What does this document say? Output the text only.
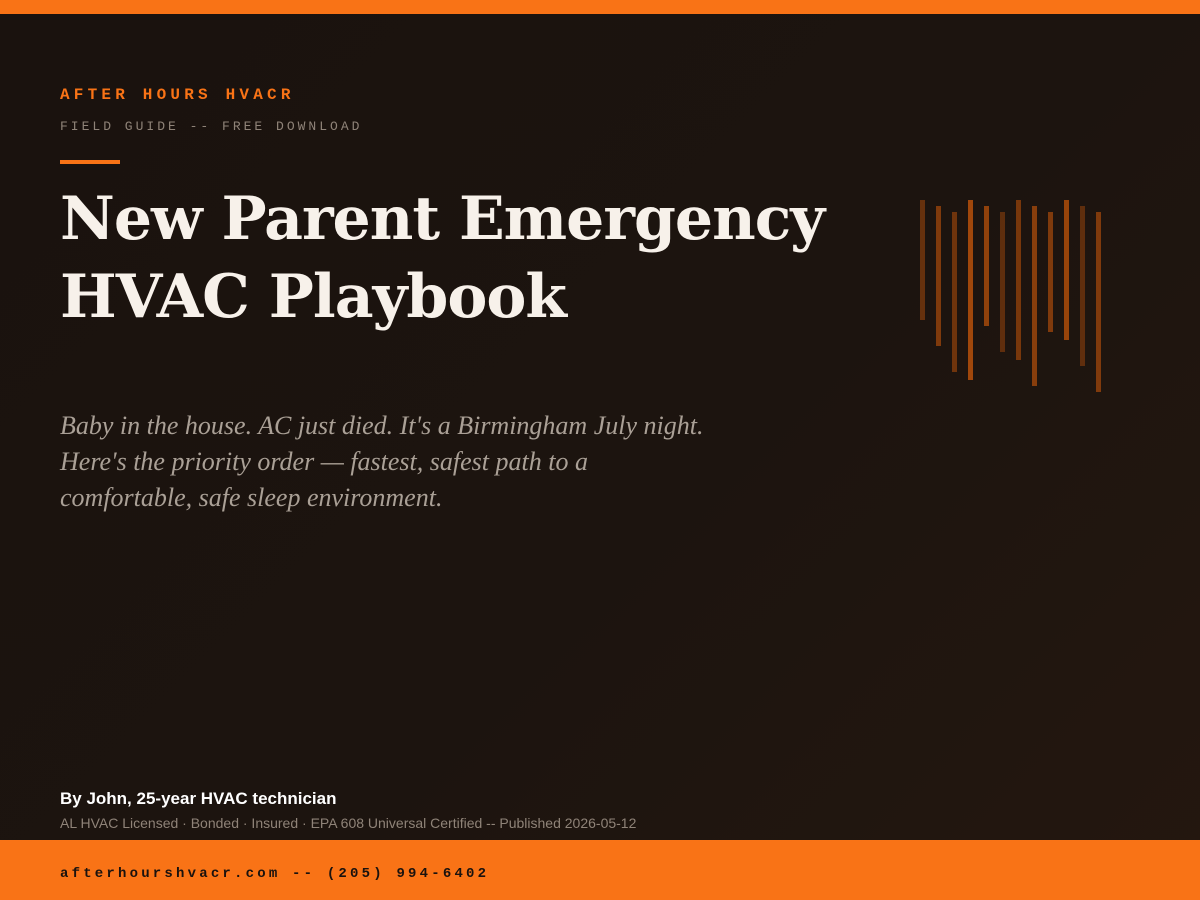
AFTER HOURS HVACR

FIELD GUIDE -- FREE DOWNLOAD

New Parent Emergency
HVAC Playbook

Baby in the house. AC just died. It's a Birmingham July night. Here's the priority order — fastest, safest path to a comfortable, safe sleep environment.

By John, 25-year HVAC technician

AL HVAC Licensed · Bonded · Insured · EPA 608 Universal Certified -- Published 2026-05-12

afterhourshvacr.com -- (205) 994-6402
